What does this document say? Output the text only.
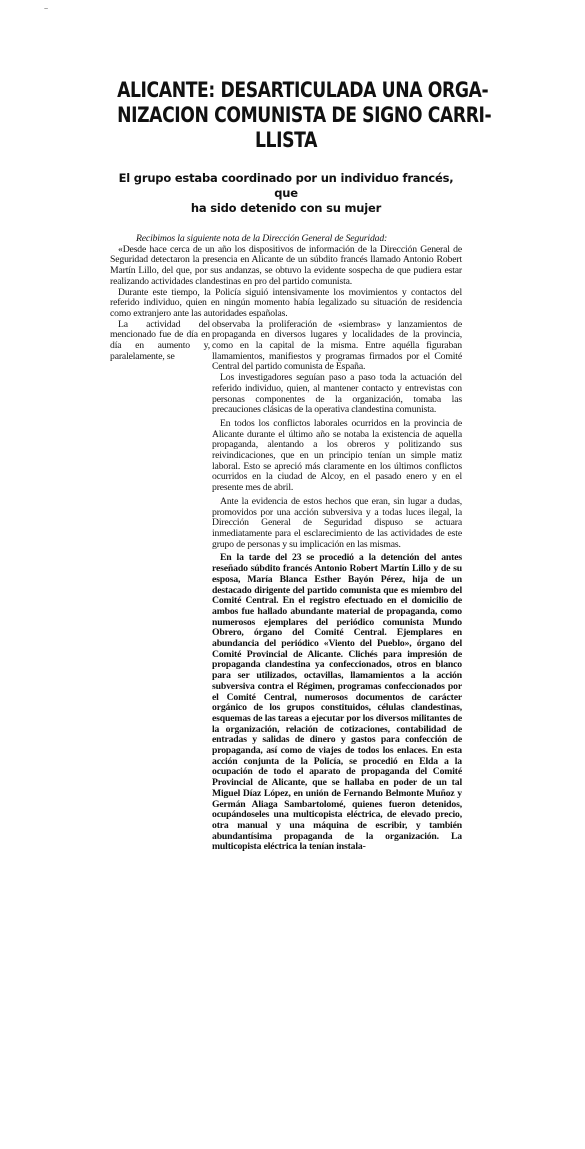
~
ALICANTE: DESARTICULADA UNA ORGA-
NIZACION COMUNISTA DE SIGNO CARRI-
LLISTA
El grupo estaba coordinado por un individuo francés, que
ha sido detenido con su mujer

Recibimos la siguiente nota de la Dirección General de Seguridad:

«Desde hace cerca de un año los dispositivos de información de la Dirección General de Seguridad detectaron la presencia en Alicante de un súbdito francés llamado Antonio Robert Martín Lillo, del que, por sus andanzas, se obtuvo la evidente sospecha de que pudiera estar realizando actividades clandestinas en pro del partido comunista.

Durante este tiempo, la Policía siguió intensivamente los movimientos y contactos del referido individuo, quien en ningún momento había legalizado su situación de residencia como extranjero ante las autoridades españolas.

La actividad del mencionado fue de día en día en aumento y, paralelamente, se

observaba la proliferación de «siembras» y lanzamientos de propaganda en diversos lugares y localidades de la provincia, como en la capital de la misma. Entre aquélla figuraban llamamientos, manifiestos y programas firmados por el Comité Central del partido comunista de España.

Los investigadores seguían paso a paso toda la actuación del referido individuo, quien, al mantener contacto y entrevistas con personas componentes de la organización, tomaba las precauciones clásicas de la operativa clandestina comunista.

En todos los conflictos laborales ocurridos en la provincia de Alicante durante el último año se notaba la existencia de aquella propaganda, alentando a los obreros y politizando sus reivindicaciones, que en un principio tenían un simple matiz laboral. Esto se apreció más claramente en los últimos conflictos ocurridos en la ciudad de Alcoy, en el pasado enero y en el presente mes de abril.

Ante la evidencia de estos hechos que eran, sin lugar a dudas, promovidos por una acción subversiva y a todas luces ilegal, la Dirección General de Seguridad dispuso se actuara inmediatamente para el esclarecimiento de las actividades de este grupo de personas y su implicación en las mismas.

En la tarde del 23 se procedió a la detención del antes reseñado súbdito francés Antonio Robert Martín Lillo y de su esposa, María Blanca Esther Bayón Pérez, hija de un destacado dirigente del partido comunista que es miembro del Comité Central. En el registro efectuado en el domicilio de ambos fue hallado abundante material de propaganda, como numerosos ejemplares del periódico comunista Mundo Obrero, órgano del Comité Central. Ejemplares en abundancia del periódico «Viento del Pueblo», órgano del Comité Provincial de Alicante. Clichés para impresión de propaganda clandestina ya confeccionados, otros en blanco para ser utilizados, octavillas, llamamientos a la acción subversiva contra el Régimen, programas confeccionados por el Comité Central, numerosos documentos de carácter orgánico de los grupos constituidos, células clandestinas, esquemas de las tareas a ejecutar por los diversos militantes de la organización, relación de cotizaciones, contabilidad de entradas y salidas de dinero y gastos para confección de propaganda, así como de viajes de todos los enlaces. En esta acción conjunta de la Policía, se procedió en Elda a la ocupación de todo el aparato de propaganda del Comité Provincial de Alicante, que se hallaba en poder de un tal Miguel Díaz López, en unión de Fernando Belmonte Muñoz y Germán Aliaga Sambartolomé, quienes fueron detenidos, ocupándoseles una multicopista eléctrica, de elevado precio, otra manual y una máquina de escribir, y también abundantísima propaganda de la organización. La multicopista eléctrica la tenían instala-
